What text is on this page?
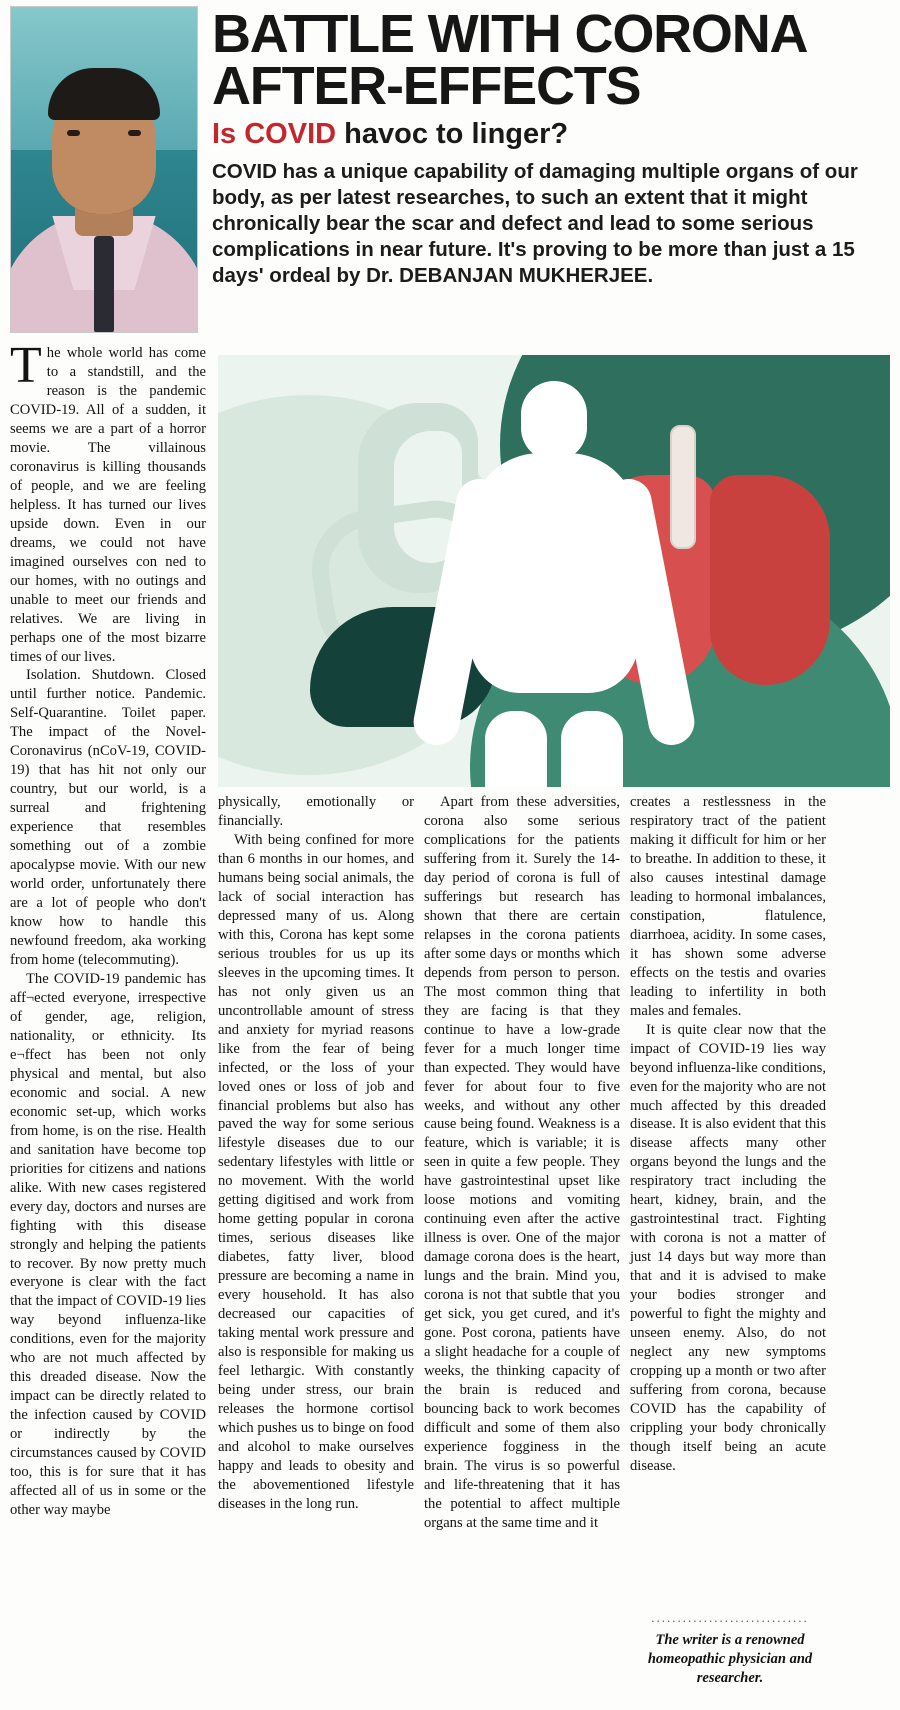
BATTLE WITH CORONA AFTER-EFFECTS
Is COVID havoc to linger?

COVID has a unique capability of damaging multiple organs of our body, as per latest researches, to such an extent that it might chronically bear the scar and defect and lead to some serious complications in near future. It's proving to be more than just a 15 days' ordeal by Dr. DEBANJAN MUKHERJEE.

The whole world has come to a standstill, and the reason is the pandemic COVID-19. All of a sudden, it seems we are a part of a horror movie. The villainous coronavirus is killing thousands of people, and we are feeling helpless. It has turned our lives upside down. Even in our dreams, we could not have imagined ourselves con ned to our homes, with no outings and unable to meet our friends and relatives. We are living in perhaps one of the most bizarre times of our lives.

Isolation. Shutdown. Closed until further notice. Pandemic. Self-Quarantine. Toilet paper. The impact of the Novel-Coronavirus (nCoV-19, COVID-19) that has hit not only our country, but our world, is a surreal and frightening experience that resembles something out of a zombie apocalypse movie. With our new world order, unfortunately there are a lot of people who don't know how to handle this newfound freedom, aka working from home (telecommuting).

The COVID-19 pandemic has aff¬ected everyone, irrespective of gender, age, religion, nationality, or ethnicity. Its e¬ffect has been not only physical and mental, but also economic and social. A new economic set-up, which works from home, is on the rise. Health and sanitation have become top priorities for citizens and nations alike. With new cases registered every day, doctors and nurses are fighting with this disease strongly and helping the patients to recover. By now pretty much everyone is clear with the fact that the impact of COVID-19 lies way beyond influenza-like conditions, even for the majority who are not much affected by this dreaded disease. Now the impact can be directly related to the infection caused by COVID or indirectly by the circumstances caused by COVID too, this is for sure that it has affected all of us in some or the other way maybe

physically, emotionally or financially.

With being confined for more than 6 months in our homes, and humans being social animals, the lack of social interaction has depressed many of us. Along with this, Corona has kept some serious troubles for us up its sleeves in the upcoming times. It has not only given us an uncontrollable amount of stress and anxiety for myriad reasons like from the fear of being infected, or the loss of your loved ones or loss of job and financial problems but also has paved the way for some serious lifestyle diseases due to our sedentary lifestyles with little or no movement. With the world getting digitised and work from home getting popular in corona times, serious diseases like diabetes, fatty liver, blood pressure are becoming a name in every household. It has also decreased our capacities of taking mental work pressure and also is responsible for making us feel lethargic. With constantly being under stress, our brain releases the hormone cortisol which pushes us to binge on food and alcohol to make ourselves happy and leads to obesity and the abovementioned lifestyle diseases in the long run.

Apart from these adversities, corona also some serious complications for the patients suffering from it. Surely the 14-day period of corona is full of sufferings but research has shown that there are certain relapses in the corona patients after some days or months which depends from person to person. The most common thing that they are facing is that they continue to have a low-grade fever for a much longer time than expected. They would have fever for about four to five weeks, and without any other cause being found. Weakness is a feature, which is variable; it is seen in quite a few people. They have gastrointestinal upset like loose motions and vomiting continuing even after the active illness is over. One of the major damage corona does is the heart, lungs and the brain. Mind you, corona is not that subtle that you get sick, you get cured, and it's gone. Post corona, patients have a slight headache for a couple of weeks, the thinking capacity of the brain is reduced and bouncing back to work becomes difficult and some of them also experience fogginess in the brain. The virus is so powerful and life-threatening that it has the potential to affect multiple organs at the same time and it

creates a restlessness in the respiratory tract of the patient making it difficult for him or her to breathe. In addition to these, it also causes intestinal damage leading to hormonal imbalances, constipation, flatulence, diarrhoea, acidity. In some cases, it has shown some adverse effects on the testis and ovaries leading to infertility in both males and females.

It is quite clear now that the impact of COVID-19 lies way beyond influenza-like conditions, even for the majority who are not much affected by this dreaded disease. It is also evident that this disease affects many other organs beyond the lungs and the respiratory tract including the heart, kidney, brain, and the gastrointestinal tract. Fighting with corona is not a matter of just 14 days but way more than that and it is advised to make your bodies stronger and powerful to fight the mighty and unseen enemy. Also, do not neglect any new symptoms cropping up a month or two after suffering from corona, because COVID has the capability of crippling your body chronically though itself being an acute disease.

..............................
The writer is a renowned homeopathic physician and researcher.
